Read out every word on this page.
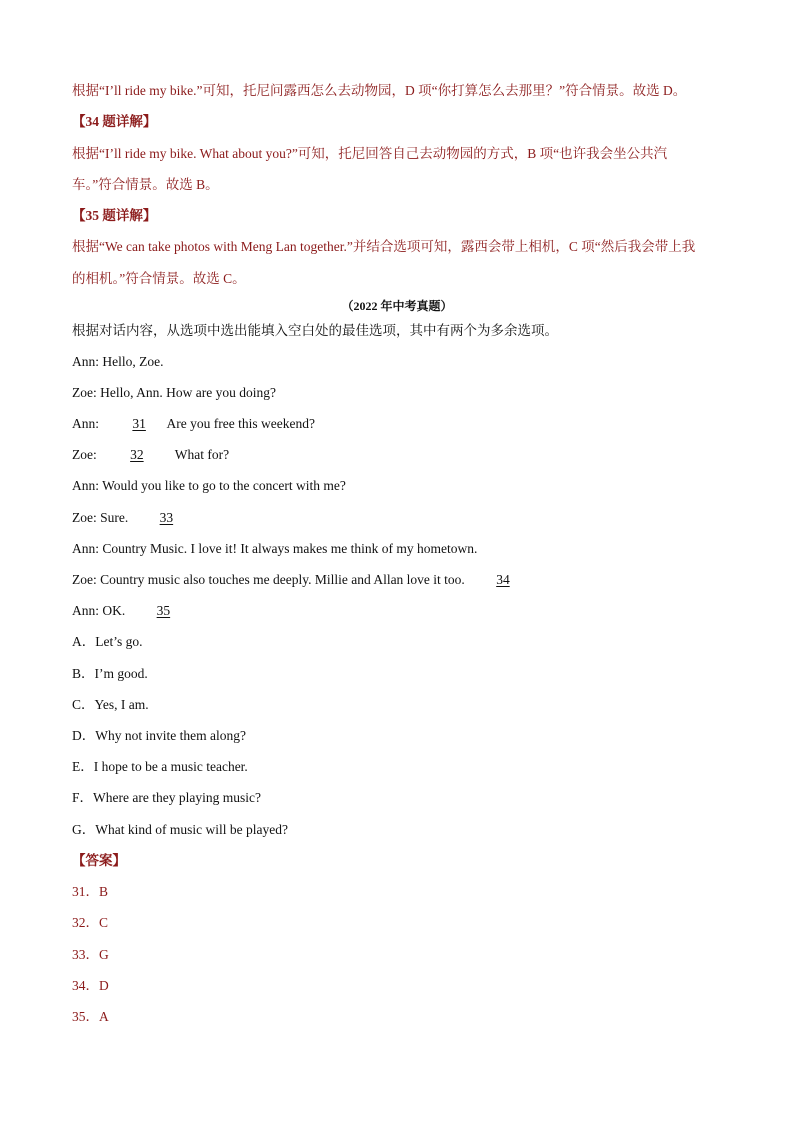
根据“I’ll ride my bike.”可知，托尼问露西怎么去动物园，D 项“你打算怎么去那里？”符合情景。故选 D。
【34 题详解】
根据“I’ll ride my bike. What about you?”可知，托尼回答自己去动物园的方式，B 项“也许我会坐公共汽
车。”符合情景。故选 B。
【35 题详解】
根据“We can take photos with Meng Lan together.”并结合选项可知，露西会带上相机，C 项“然后我会带上我
的相机。”符合情景。故选 C。
（2022 年中考真题）
根据对话内容，从选项中选出能填入空白处的最佳选项，其中有两个为多余选项。
Ann: Hello, Zoe.
Zoe: Hello, Ann. How are you doing?
Ann: 31 Are you free this weekend?
Zoe: 32 What for?
Ann: Would you like to go to the concert with me?
Zoe: Sure. 33
Ann: Country Music. I love it! It always makes me think of my hometown.
Zoe: Country music also touches me deeply. Millie and Allan love it too. 34
Ann: OK. 35
A．Let’s go.
B．I’m good.
C．Yes, I am.
D．Why not invite them along?
E．I hope to be a music teacher.
F．Where are they playing music?
G．What kind of music will be played?
【答案】
31．B
32．C
33．G
34．D
35．A
